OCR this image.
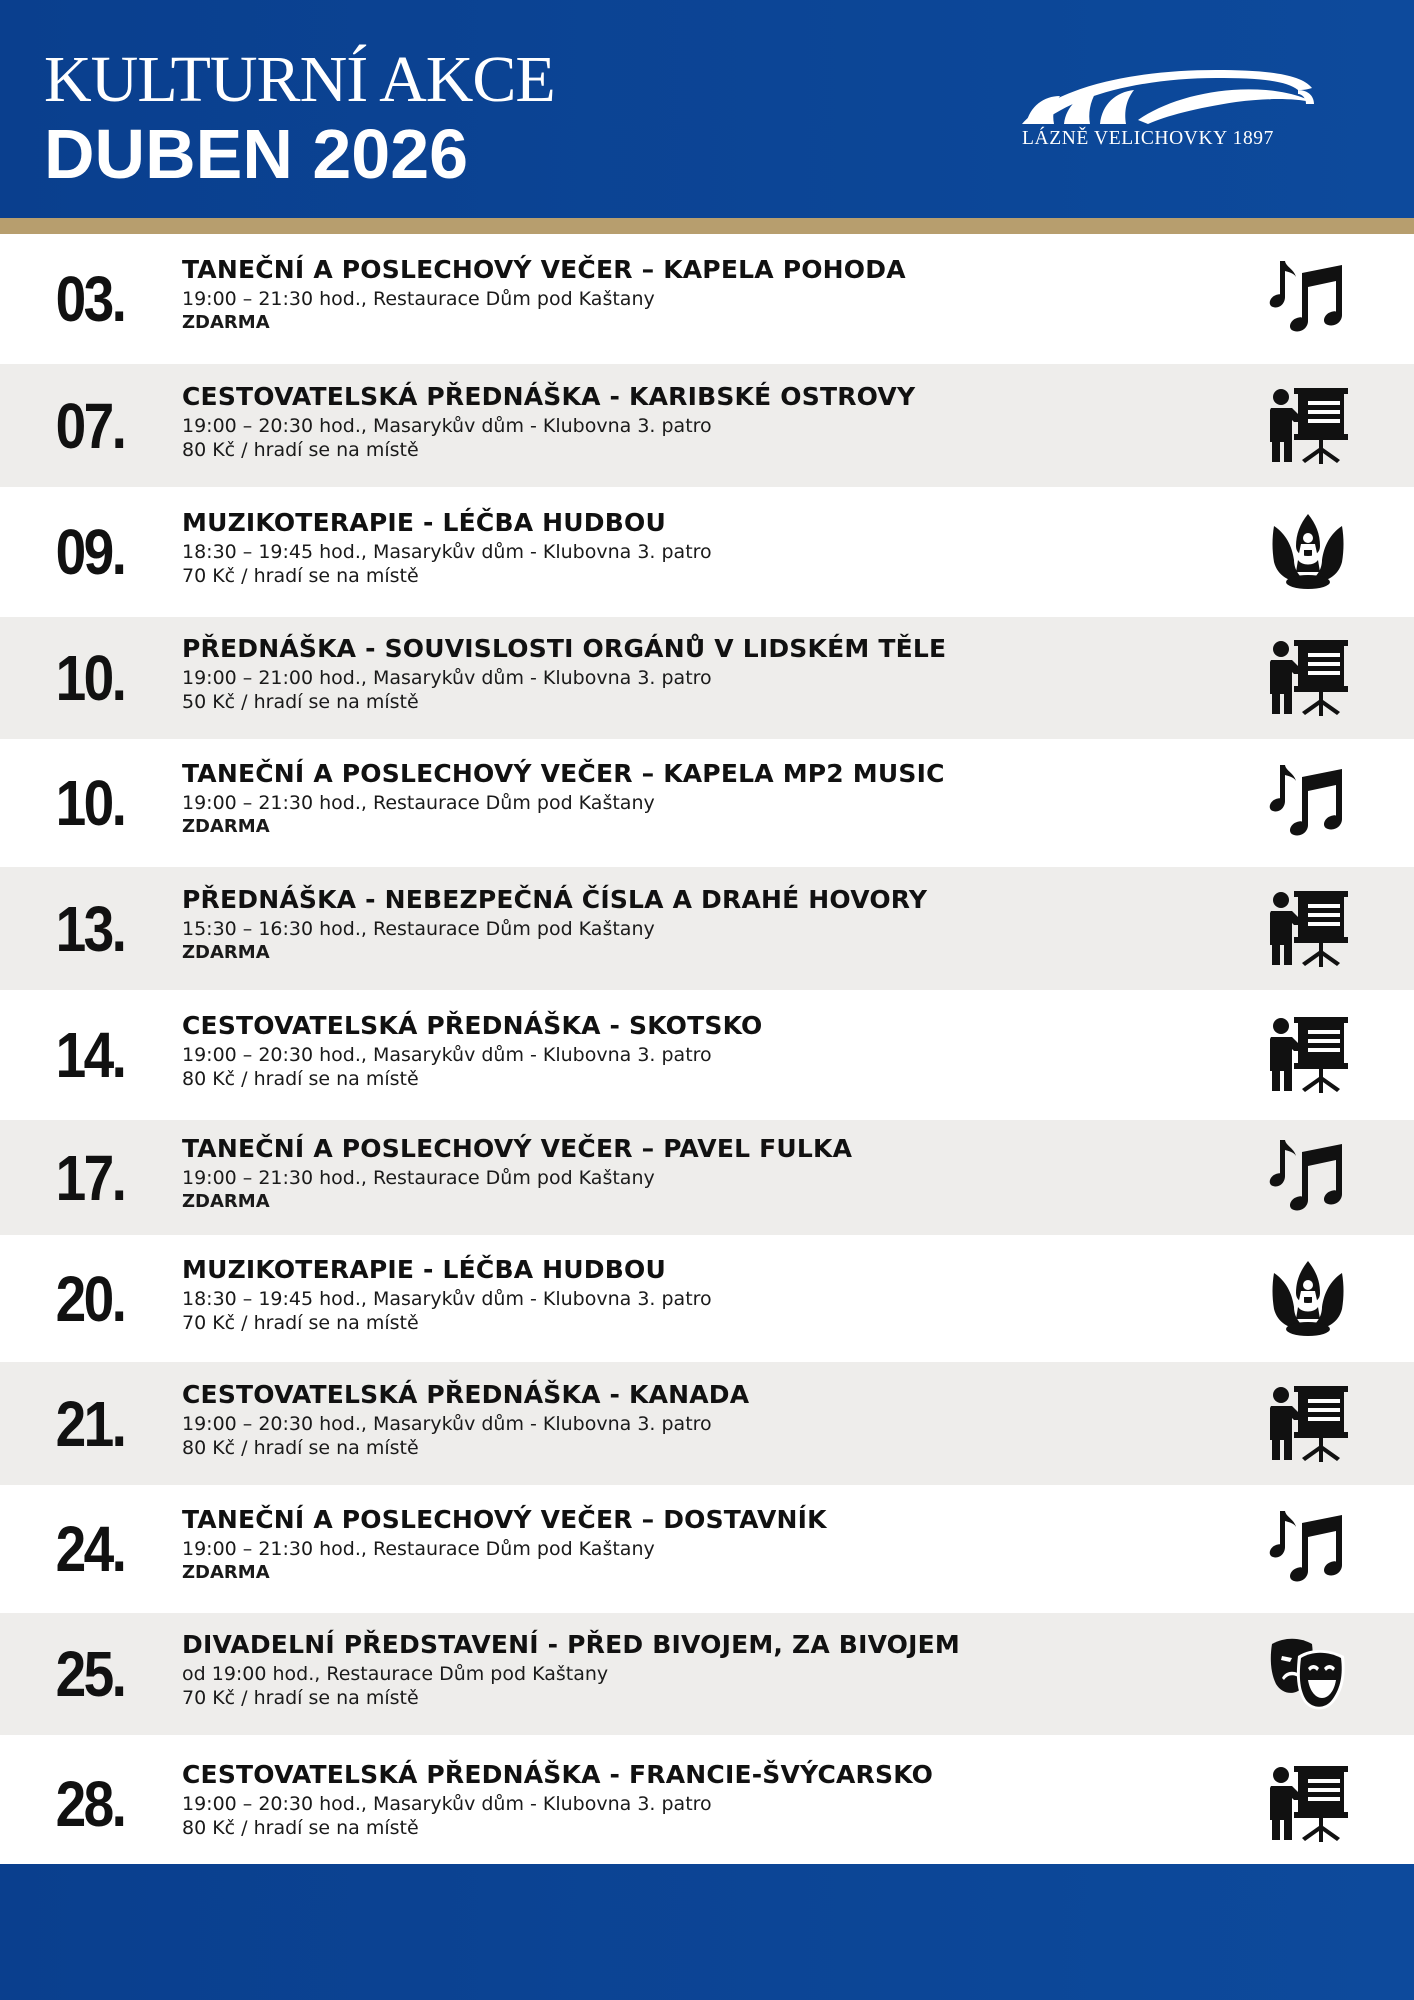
KULTURNÍ AKCE
DUBEN 2026	LÁZNĚ VELICHOVKY 1897
03.	TANEČNÍ A POSLECHOVÝ VEČER – KAPELA POHODA
19:00 – 21:30 hod., Restaurace Dům pod Kaštany
ZDARMA
07.	CESTOVATELSKÁ PŘEDNÁŠKA - KARIBSKÉ OSTROVY
19:00 – 20:30 hod., Masarykův dům - Klubovna 3. patro
80 Kč / hradí se na místě
09.	MUZIKOTERAPIE - LÉČBA HUDBOU
18:30 – 19:45 hod., Masarykův dům - Klubovna 3. patro
70 Kč / hradí se na místě
10.	PŘEDNÁŠKA - SOUVISLOSTI ORGÁNŮ V LIDSKÉM TĚLE
19:00 – 21:00 hod., Masarykův dům - Klubovna 3. patro
50 Kč / hradí se na místě
10.	TANEČNÍ A POSLECHOVÝ VEČER – KAPELA MP2 MUSIC
19:00 – 21:30 hod., Restaurace Dům pod Kaštany
ZDARMA
13.	PŘEDNÁŠKA - NEBEZPEČNÁ ČÍSLA A DRAHÉ HOVORY
15:30 – 16:30 hod., Restaurace Dům pod Kaštany
ZDARMA
14.	CESTOVATELSKÁ PŘEDNÁŠKA - SKOTSKO
19:00 – 20:30 hod., Masarykův dům - Klubovna 3. patro
80 Kč / hradí se na místě
17.	TANEČNÍ A POSLECHOVÝ VEČER – PAVEL FULKA
19:00 – 21:30 hod., Restaurace Dům pod Kaštany
ZDARMA
20.	MUZIKOTERAPIE - LÉČBA HUDBOU
18:30 – 19:45 hod., Masarykův dům - Klubovna 3. patro
70 Kč / hradí se na místě
21.	CESTOVATELSKÁ PŘEDNÁŠKA - KANADA
19:00 – 20:30 hod., Masarykův dům - Klubovna 3. patro
80 Kč / hradí se na místě
24.	TANEČNÍ A POSLECHOVÝ VEČER – DOSTAVNÍK
19:00 – 21:30 hod., Restaurace Dům pod Kaštany
ZDARMA
25.	DIVADELNÍ PŘEDSTAVENÍ - PŘED BIVOJEM, ZA BIVOJEM
od 19:00 hod., Restaurace Dům pod Kaštany
70 Kč / hradí se na místě
28.	CESTOVATELSKÁ PŘEDNÁŠKA - FRANCIE-ŠVÝCARSKO
19:00 – 20:30 hod., Masarykův dům - Klubovna 3. patro
80 Kč / hradí se na místě
